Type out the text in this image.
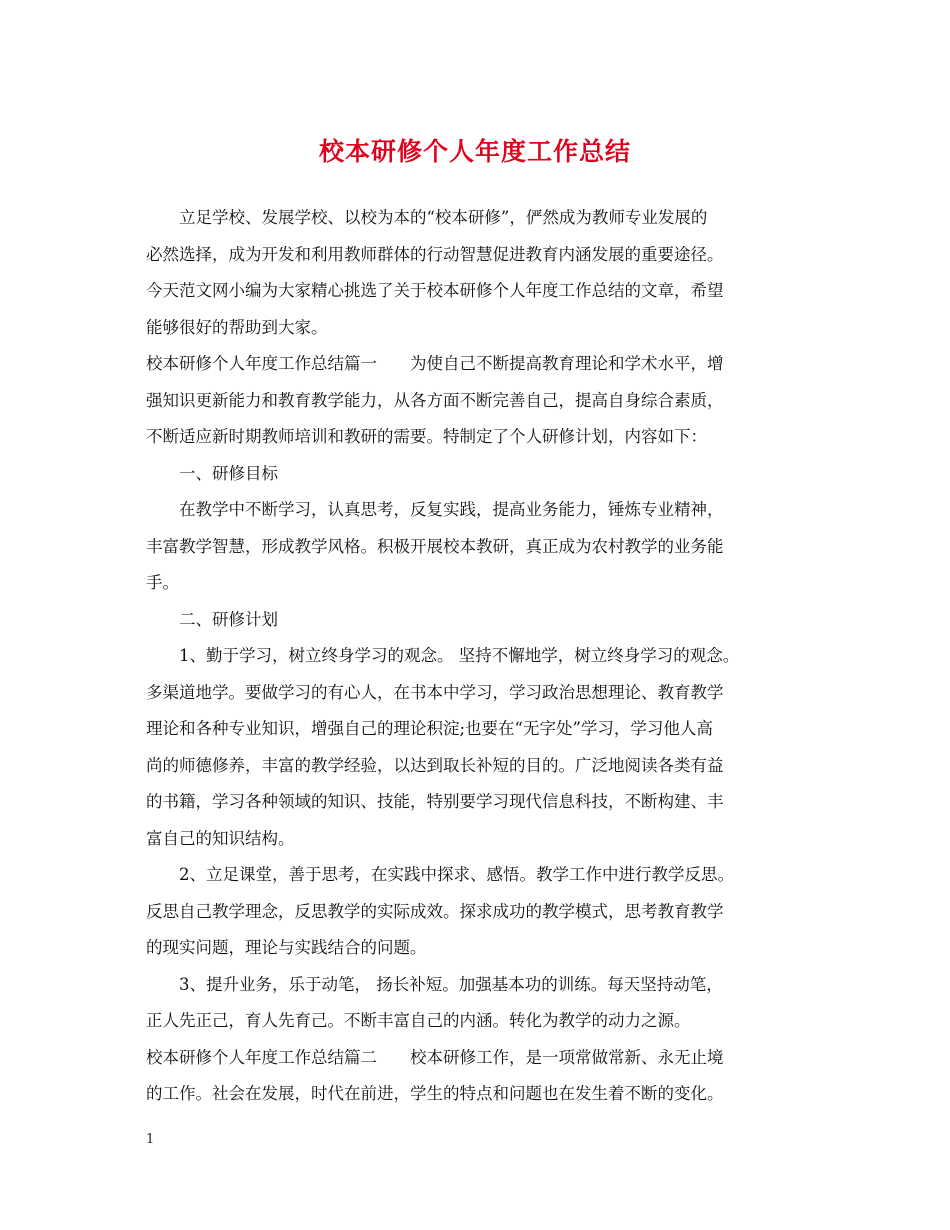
校本研修个人年度工作总结
　　立足学校、发展学校、以校为本的“校本研修”，俨然成为教师专业发展的
必然选择，成为开发和利用教师群体的行动智慧促进教育内涵发展的重要途径。
今天范文网小编为大家精心挑选了关于校本研修个人年度工作总结的文章，希望
能够很好的帮助到大家。
校本研修个人年度工作总结篇一　　为使自己不断提高教育理论和学术水平，增
强知识更新能力和教育教学能力，从各方面不断完善自己，提高自身综合素质，
不断适应新时期教师培训和教研的需要。特制定了个人研修计划，内容如下：
　　一、研修目标
　　在教学中不断学习，认真思考，反复实践，提高业务能力，锤炼专业精神，
丰富教学智慧，形成教学风格。积极开展校本教研，真正成为农村教学的业务能
手。
　　二、研修计划
　　1、勤于学习，树立终身学习的观念。 坚持不懈地学，树立终身学习的观念。
多渠道地学。要做学习的有心人，在书本中学习，学习政治思想理论、教育教学
理论和各种专业知识，增强自己的理论积淀;也要在“无字处”学习，学习他人高
尚的师德修养，丰富的教学经验，以达到取长补短的目的。广泛地阅读各类有益
的书籍，学习各种领域的知识、技能，特别要学习现代信息科技，不断构建、丰
富自己的知识结构。
　　2、立足课堂，善于思考，在实践中探求、感悟。教学工作中进行教学反思。
反思自己教学理念，反思教学的实际成效。探求成功的教学模式，思考教育教学
的现实问题，理论与实践结合的问题。
　　3、提升业务，乐于动笔， 扬长补短。加强基本功的训练。每天坚持动笔，
正人先正己，育人先育己。不断丰富自己的内涵。转化为教学的动力之源。
校本研修个人年度工作总结篇二　　校本研修工作，是一项常做常新、永无止境
的工作。社会在发展，时代在前进，学生的特点和问题也在发生着不断的变化。
1
